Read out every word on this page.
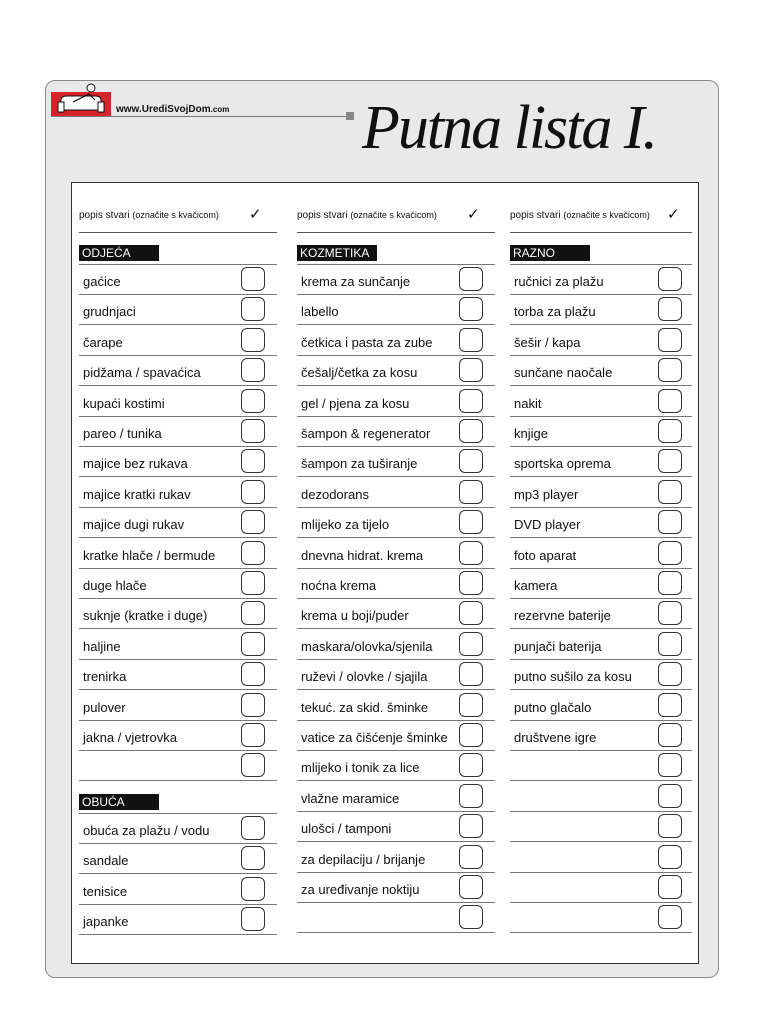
www.UrediSvojDom.com Putna lista I.
popis stvari (označite s kvačicom) ✓
ODJEĆA
gaćice
grudnjaci
čarape
pidžama / spavaćica
kupaći kostimi
pareo / tunika
majice bez rukava
majice kratki rukav
majice dugi rukav
kratke hlače / bermude
duge hlače
suknje (kratke i duge)
haljine
trenirka
pulover
jakna / vjetrovka
OBUĆA
obuća za plažu / vodu
sandale
tenisice
japanke
popis stvari (označite s kvačicom) ✓
KOZMETIKA
krema za sunčanje
labello
četkica i pasta za zube
češalj/četka za kosu
gel / pjena za kosu
šampon & regenerator
šampon za tuširanje
dezodorans
mlijeko za tijelo
dnevna hidrat. krema
noćna krema
krema u boji/puder
maskara/olovka/sjenila
ruževi / olovke / sjajila
tekuć. za skid. šminke
vatice za čišćenje šminke
mlijeko i tonik za lice
vlažne maramice
ulošci / tamponi
za depilaciju / brijanje
za uređivanje noktiju
popis stvari (označite s kvačicom) ✓
RAZNO
ručnici za plažu
torba za plažu
šešir / kapa
sunčane naočale
nakit
knjige
sportska oprema
mp3 player
DVD player
foto aparat
kamera
rezervne baterije
punjači baterija
putno sušilo za kosu
putno glačalo
društvene igre
